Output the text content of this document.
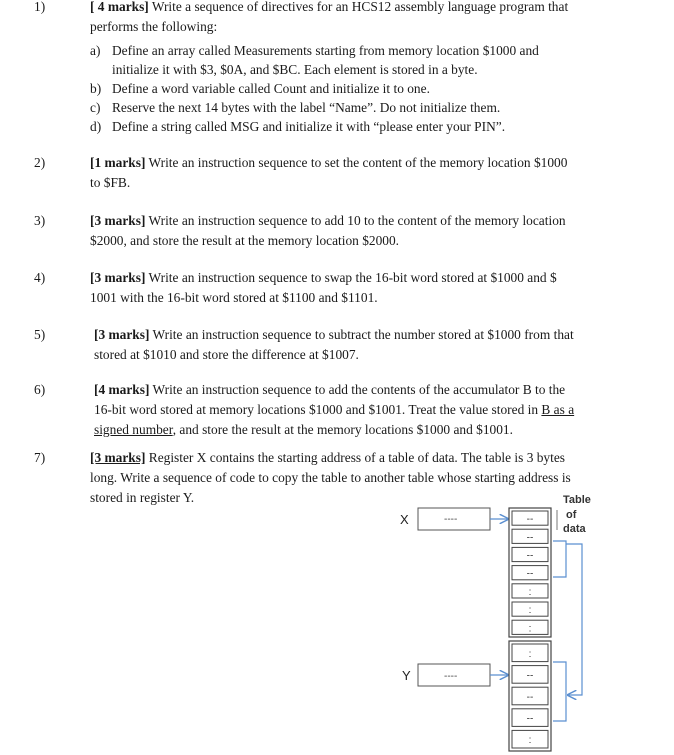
1)	[ 4 marks] Write a sequence of directives for an HCS12 assembly language program that
performs the following:
a) Define an array called Measurements starting from memory location $1000 and
initialize it with $3, $0A, and $BC. Each element is stored in a byte.
b) Define a word variable called Count and initialize it to one.
c) Reserve the next 14 bytes with the label “Name”. Do not initialize them.
d) Define a string called MSG and initialize it with “please enter your PIN”.
2)	[1 marks] Write an instruction sequence to set the content of the memory location $1000
to $FB.
3)	[3 marks] Write an instruction sequence to add 10 to the content of the memory location
$2000, and store the result at the memory location $2000.
4)	[3 marks] Write an instruction sequence to swap the 16-bit word stored at $1000 and $
1001 with the 16-bit word stored at $1100 and $1101.
5)	[3 marks] Write an instruction sequence to subtract the number stored at $1000 from that
stored at $1010 and store the difference at $1007.
6)	[4 marks] Write an instruction sequence to add the contents of the accumulator B to the
16-bit word stored at memory locations $1000 and $1001. Treat the value stored in B as a
signed number, and store the result at the memory locations $1000 and $1001.
7)	[3 marks] Register X contains the starting address of a table of data. The table is 3 bytes
long. Write a sequence of code to copy the table to another table whose starting address is
stored in register Y.	Table
of
data
X	----	--
--
--
--
:
:
:
Y	----
:
--
--
--
:
